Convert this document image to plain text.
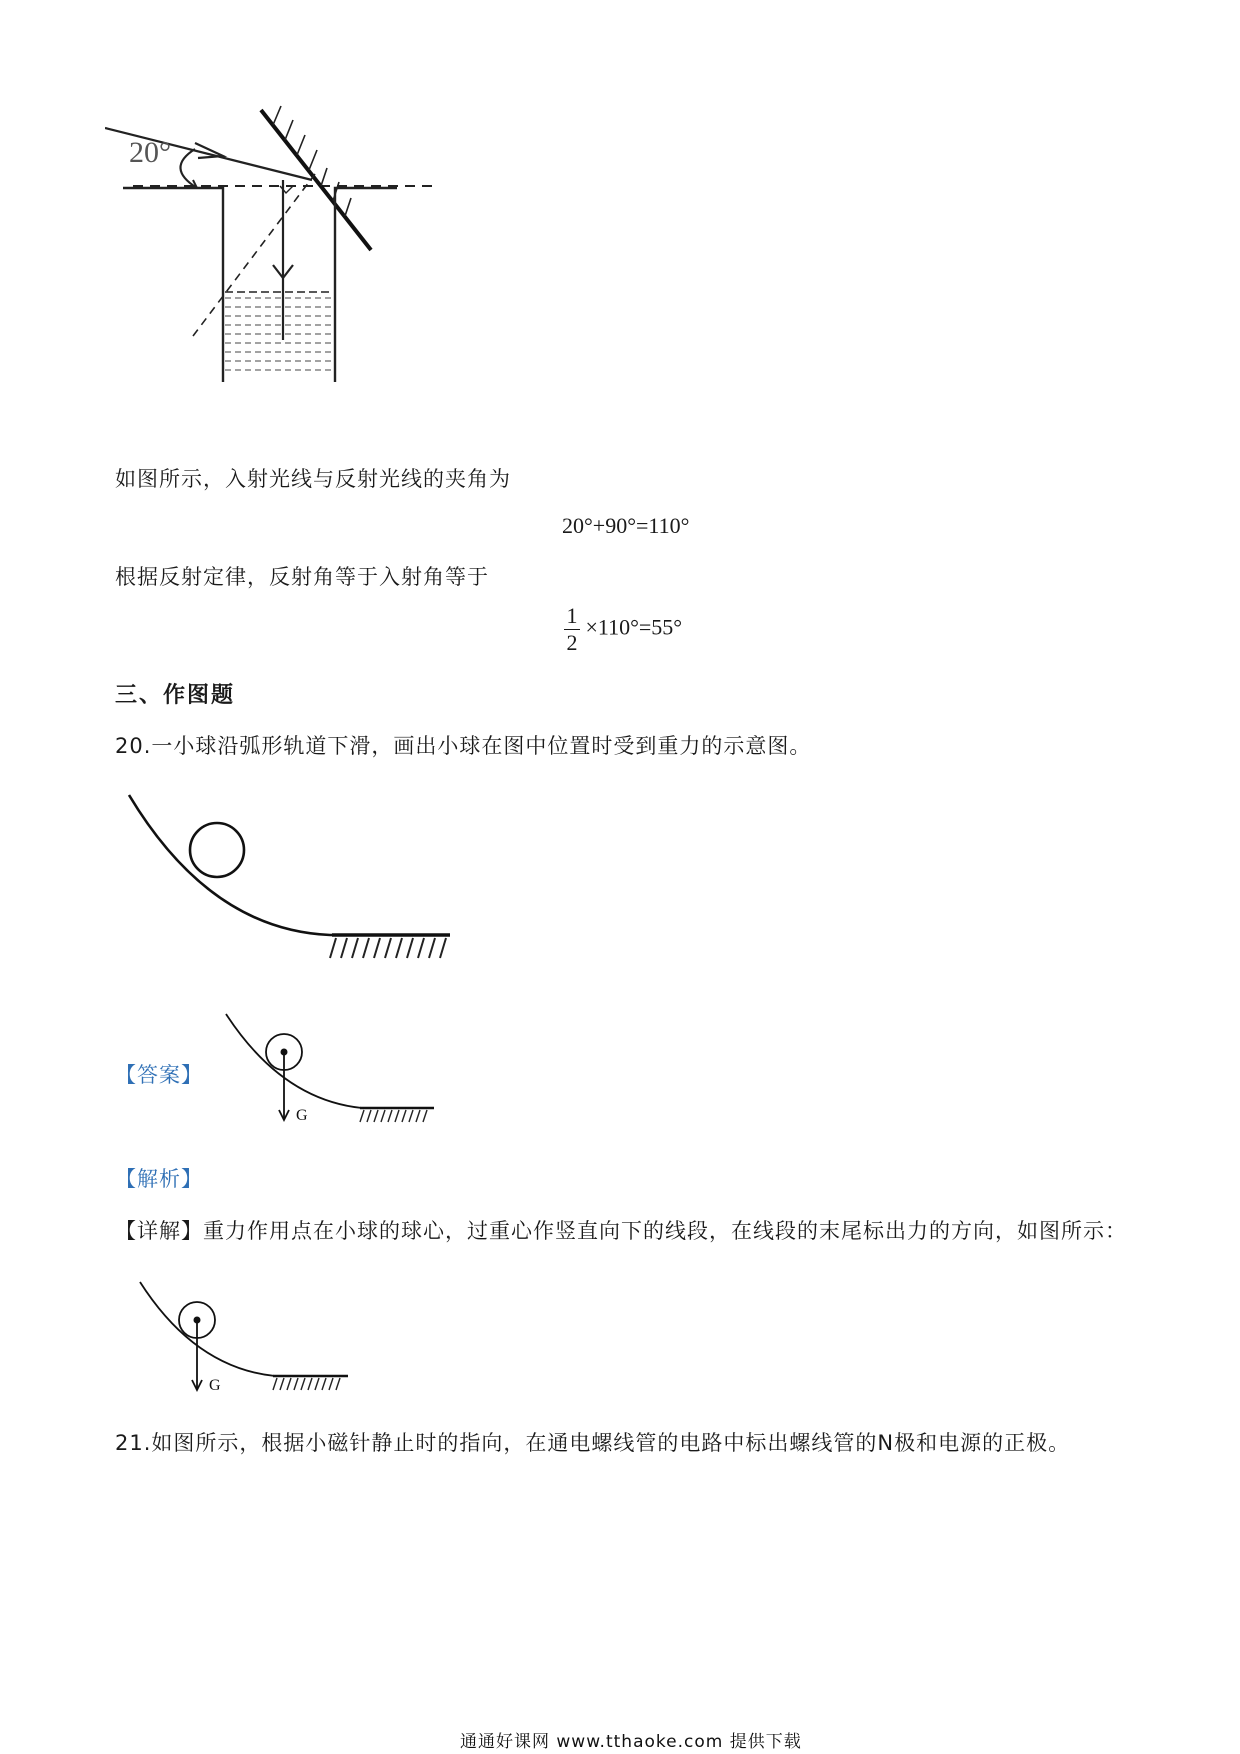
20°
如图所示，入射光线与反射光线的夹角为
20°+90°=110°
根据反射定律，反射角等于入射角等于
$\frac{1}{2} \times 110^\circ=55^\circ$
三、作图题
20.一小球沿弧形轨道下滑，画出小球在图中位置时受到重力的示意图。
【答案】
G
【解析】
【详解】重力作用点在小球的球心，过重心作竖直向下的线段，在线段的末尾标出力的方向，如图所示：
G
21.如图所示，根据小磁针静止时的指向，在通电螺线管的电路中标出螺线管的N极和电源的正极。
通通好课网 www.tthaoke.com 提供下载
